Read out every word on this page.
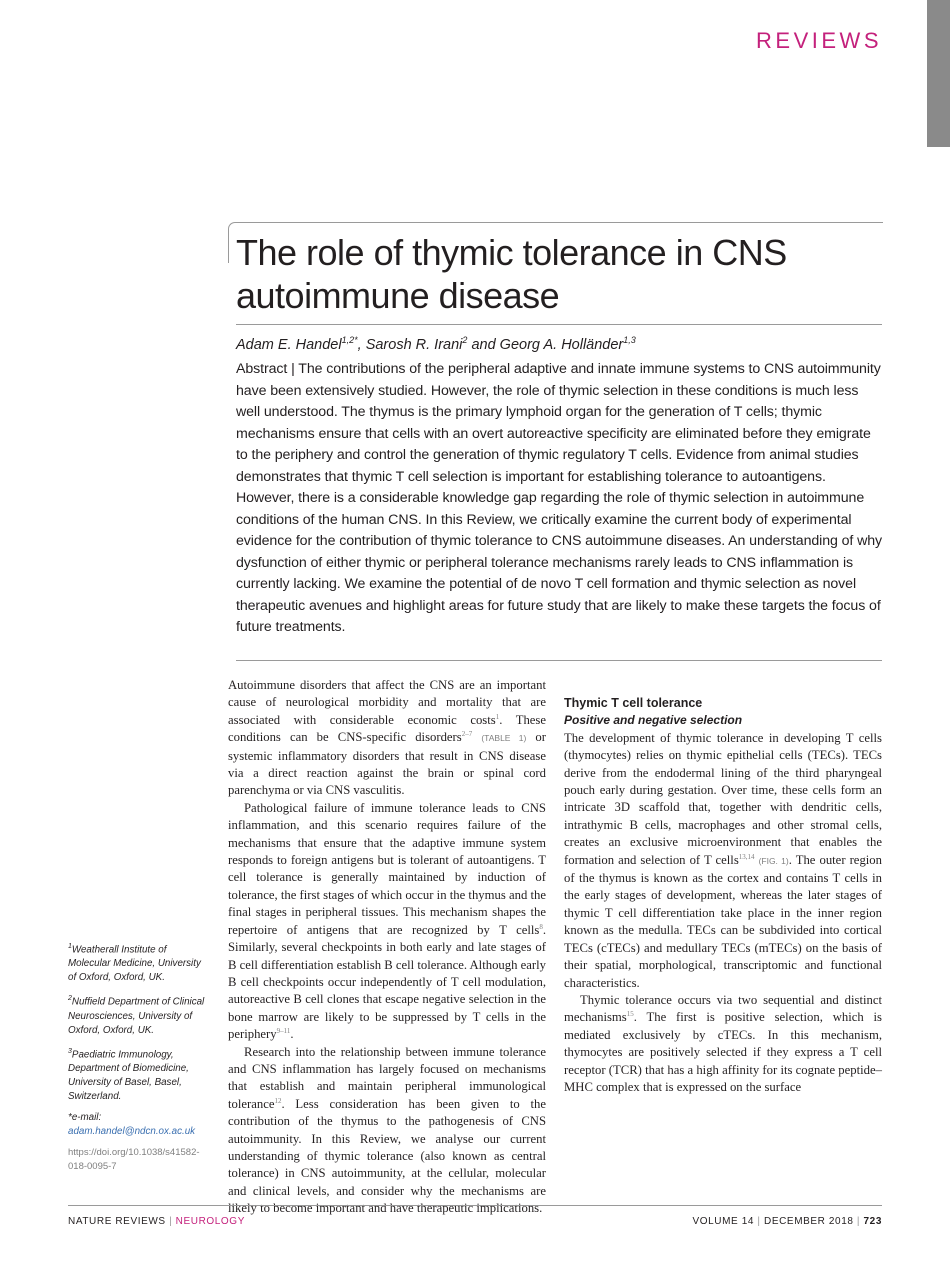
REVIEWS
The role of thymic tolerance in CNS autoimmune disease
Adam E. Handel$^{1,2*}$, Sarosh R. Irani$^2$ and Georg A. Holländer$^{1,3}$

Abstract | The contributions of the peripheral adaptive and innate immune systems to CNS autoimmunity have been extensively studied. However, the role of thymic selection in these conditions is much less well understood. The thymus is the primary lymphoid organ for the generation of T cells; thymic mechanisms ensure that cells with an overt autoreactive specificity are eliminated before they emigrate to the periphery and control the generation of thymic regulatory T cells. Evidence from animal studies demonstrates that thymic T cell selection is important for establishing tolerance to autoantigens. However, there is a considerable knowledge gap regarding the role of thymic selection in autoimmune conditions of the human CNS. In this Review, we critically examine the current body of experimental evidence for the contribution of thymic tolerance to CNS autoimmune diseases. An understanding of why dysfunction of either thymic or peripheral tolerance mechanisms rarely leads to CNS inflammation is currently lacking. We examine the potential of de novo T cell formation and thymic selection as novel therapeutic avenues and highlight areas for future study that are likely to make these targets the focus of future treatments.

Autoimmune disorders that affect the CNS are an important cause of neurological morbidity and mortality that are associated with considerable economic costs$^1$. These conditions can be CNS-specific disorders$^{2-7}$ (TABLE 1) or systemic inflammatory disorders that result in CNS disease via a direct reaction against the brain or spinal cord parenchyma or via CNS vasculitis.

Pathological failure of immune tolerance leads to CNS inflammation, and this scenario requires failure of the mechanisms that ensure that the adaptive immune system responds to foreign antigens but is tolerant of autoantigens. T cell tolerance is generally maintained by induction of tolerance, the first stages of which occur in the thymus and the final stages in peripheral tissues. This mechanism shapes the repertoire of antigens that are recognized by T cells$^8$. Similarly, several checkpoints in both early and late stages of B cell differentiation establish B cell tolerance. Although early B cell checkpoints occur independently of T cell modulation, autoreactive B cell clones that escape negative selection in the bone marrow are likely to be suppressed by T cells in the periphery$^{9-11}$.

Research into the relationship between immune tolerance and CNS inflammation has largely focused on mechanisms that establish and maintain peripheral immunological tolerance$^{12}$. Less consideration has been given to the contribution of the thymus to the pathogenesis of CNS autoimmunity. In this Review, we analyse our current understanding of thymic tolerance (also known as central tolerance) in CNS autoimmunity, at the cellular, molecular and clinical levels, and consider why the mechanisms are likely to become important and have therapeutic implications.

Thymic T cell tolerance

Positive and negative selection

The development of thymic tolerance in developing T cells (thymocytes) relies on thymic epithelial cells (TECs). TECs derive from the endodermal lining of the third pharyngeal pouch early during gestation. Over time, these cells form an intricate 3D scaffold that, together with dendritic cells, intrathymic B cells, macrophages and other stromal cells, creates an exclusive microenvironment that enables the formation and selection of T cells$^{13,14}$ (FIG. 1). The outer region of the thymus is known as the cortex and contains T cells in the early stages of development, whereas the later stages of thymic T cell differentiation take place in the inner region known as the medulla. TECs can be subdivided into cortical TECs (cTECs) and medullary TECs (mTECs) on the basis of their spatial, morphological, transcriptomic and functional characteristics.

Thymic tolerance occurs via two sequential and distinct mechanisms$^{15}$. The first is positive selection, which is mediated exclusively by cTECs. In this mechanism, thymocytes are positively selected if they express a T cell receptor (TCR) that has a high affinity for its cognate peptide–MHC complex that is expressed on the surface

$^1$Weatherall Institute of Molecular Medicine, University of Oxford, Oxford, UK.

$^2$Nuffield Department of Clinical Neurosciences, University of Oxford, Oxford, UK.

$^3$Paediatric Immunology, Department of Biomedicine, University of Basel, Basel, Switzerland.

*e-mail: adam.handel@ndcn.ox.ac.uk

https://doi.org/10.1038/s41582-018-0095-7

NATURE REVIEWS | NEUROLOGY	VOLUME 14 | DECEMBER 2018 | 723
